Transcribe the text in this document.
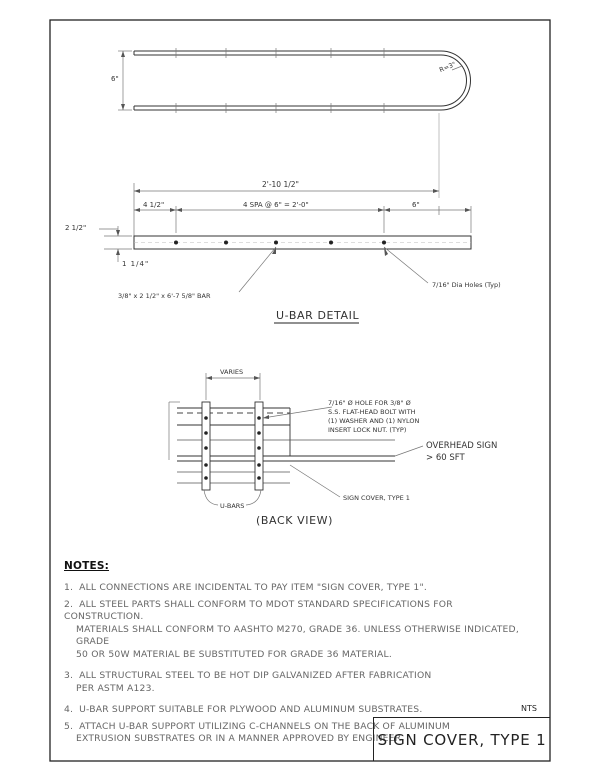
6"
R=3"
2'-10 1/2"
4 1/2"	4 SPA @ 6" = 2'-0"	6"
2 1/2"
1 1/4"
3/8" x 2 1/2" x 6'-7 5/8" BAR
7/16" Dia Holes (Typ)
U-BAR DETAIL
VARIES
7/16" Ø HOLE FOR 3/8" Ø
S.S. FLAT-HEAD BOLT WITH
(1) WASHER AND (1) NYLON
INSERT LOCK NUT. (TYP)
OVERHEAD SIGN
> 60 SFT
SIGN COVER, TYPE 1
U-BARS
(BACK VIEW)
NOTES:
1. ALL CONNECTIONS ARE INCIDENTAL TO PAY ITEM "SIGN COVER, TYPE 1".
2. ALL STEEL PARTS SHALL CONFORM TO MDOT STANDARD SPECIFICATIONS FOR CONSTRUCTION.
MATERIALS SHALL CONFORM TO AASHTO M270, GRADE 36. UNLESS OTHERWISE INDICATED, GRADE
50 OR 50W MATERIAL BE SUBSTITUTED FOR GRADE 36 MATERIAL.
3. ALL STRUCTURAL STEEL TO BE HOT DIP GALVANIZED AFTER FABRICATION
PER ASTM A123.
4. U-BAR SUPPORT SUITABLE FOR PLYWOOD AND ALUMINUM SUBSTRATES.
5. ATTACH U-BAR SUPPORT UTILIZING C-CHANNELS ON THE BACK OF ALUMINUM
EXTRUSION SUBSTRATES OR IN A MANNER APPROVED BY ENGINEER.
NTS
SIGN COVER, TYPE 1
